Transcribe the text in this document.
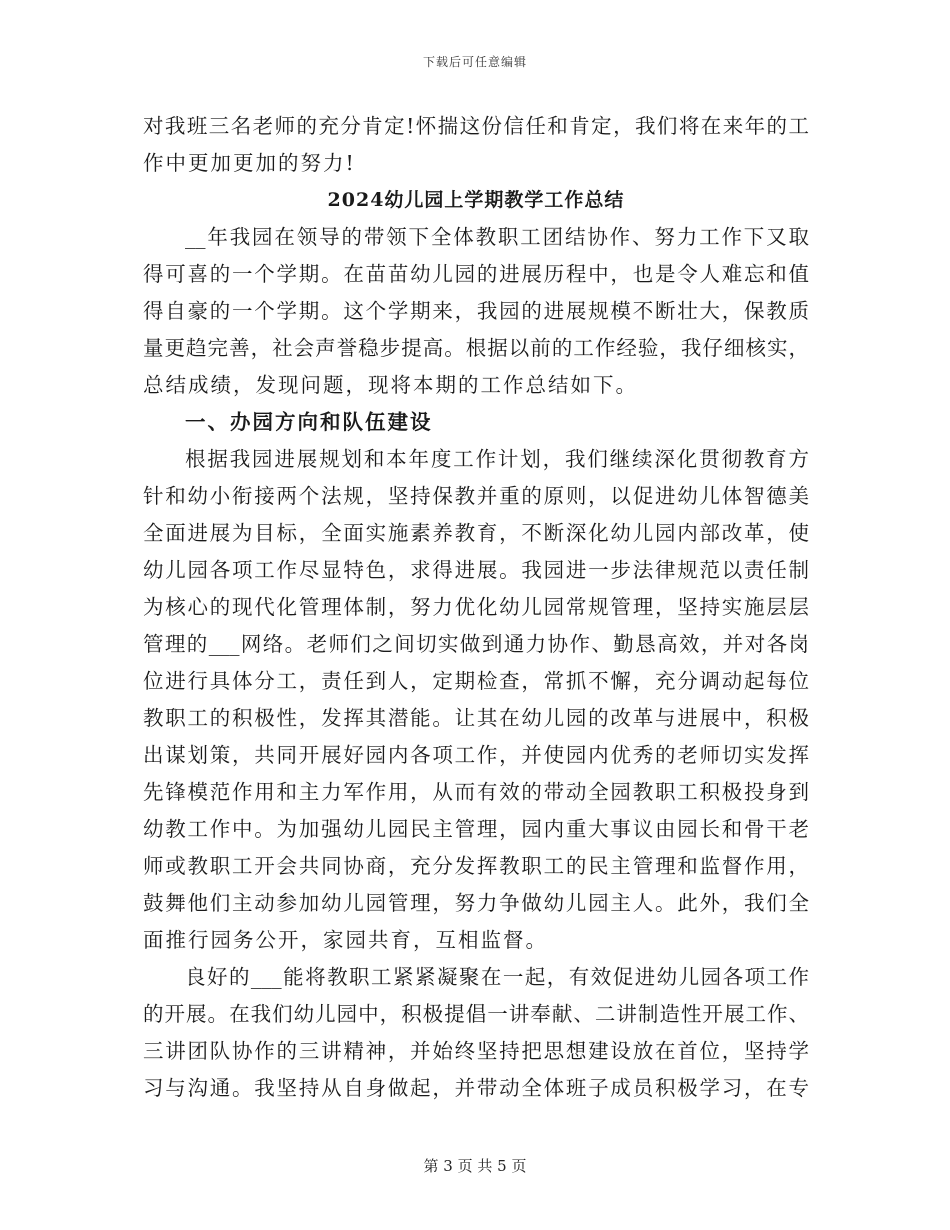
下载后可任意编辑
对我班三名老师的充分肯定!怀揣这份信任和肯定，我们将在来年的工
作中更加更加的努力!
2024幼儿园上学期教学工作总结
__年我园在领导的带领下全体教职工团结协作、努力工作下又取
得可喜的一个学期。在苗苗幼儿园的进展历程中，也是令人难忘和值
得自豪的一个学期。这个学期来，我园的进展规模不断壮大，保教质
量更趋完善，社会声誉稳步提高。根据以前的工作经验，我仔细核实，
总结成绩，发现问题，现将本期的工作总结如下。
一、办园方向和队伍建设
根据我园进展规划和本年度工作计划，我们继续深化贯彻教育方
针和幼小衔接两个法规，坚持保教并重的原则，以促进幼儿体智德美
全面进展为目标，全面实施素养教育，不断深化幼儿园内部改革，使
幼儿园各项工作尽显特色，求得进展。我园进一步法律规范以责任制
为核心的现代化管理体制，努力优化幼儿园常规管理，坚持实施层层
管理的___网络。老师们之间切实做到通力协作、勤恳高效，并对各岗
位进行具体分工，责任到人，定期检查，常抓不懈，充分调动起每位
教职工的积极性，发挥其潜能。让其在幼儿园的改革与进展中，积极
出谋划策，共同开展好园内各项工作，并使园内优秀的老师切实发挥
先锋模范作用和主力军作用，从而有效的带动全园教职工积极投身到
幼教工作中。为加强幼儿园民主管理，园内重大事议由园长和骨干老
师或教职工开会共同协商，充分发挥教职工的民主管理和监督作用，
鼓舞他们主动参加幼儿园管理，努力争做幼儿园主人。此外，我们全
面推行园务公开，家园共育，互相监督。
良好的___能将教职工紧紧凝聚在一起，有效促进幼儿园各项工作
的开展。在我们幼儿园中，积极提倡一讲奉献、二讲制造性开展工作、
三讲团队协作的三讲精神，并始终坚持把思想建设放在首位，坚持学
习与沟通。我坚持从自身做起，并带动全体班子成员积极学习，在专
第 3 页 共 5 页
